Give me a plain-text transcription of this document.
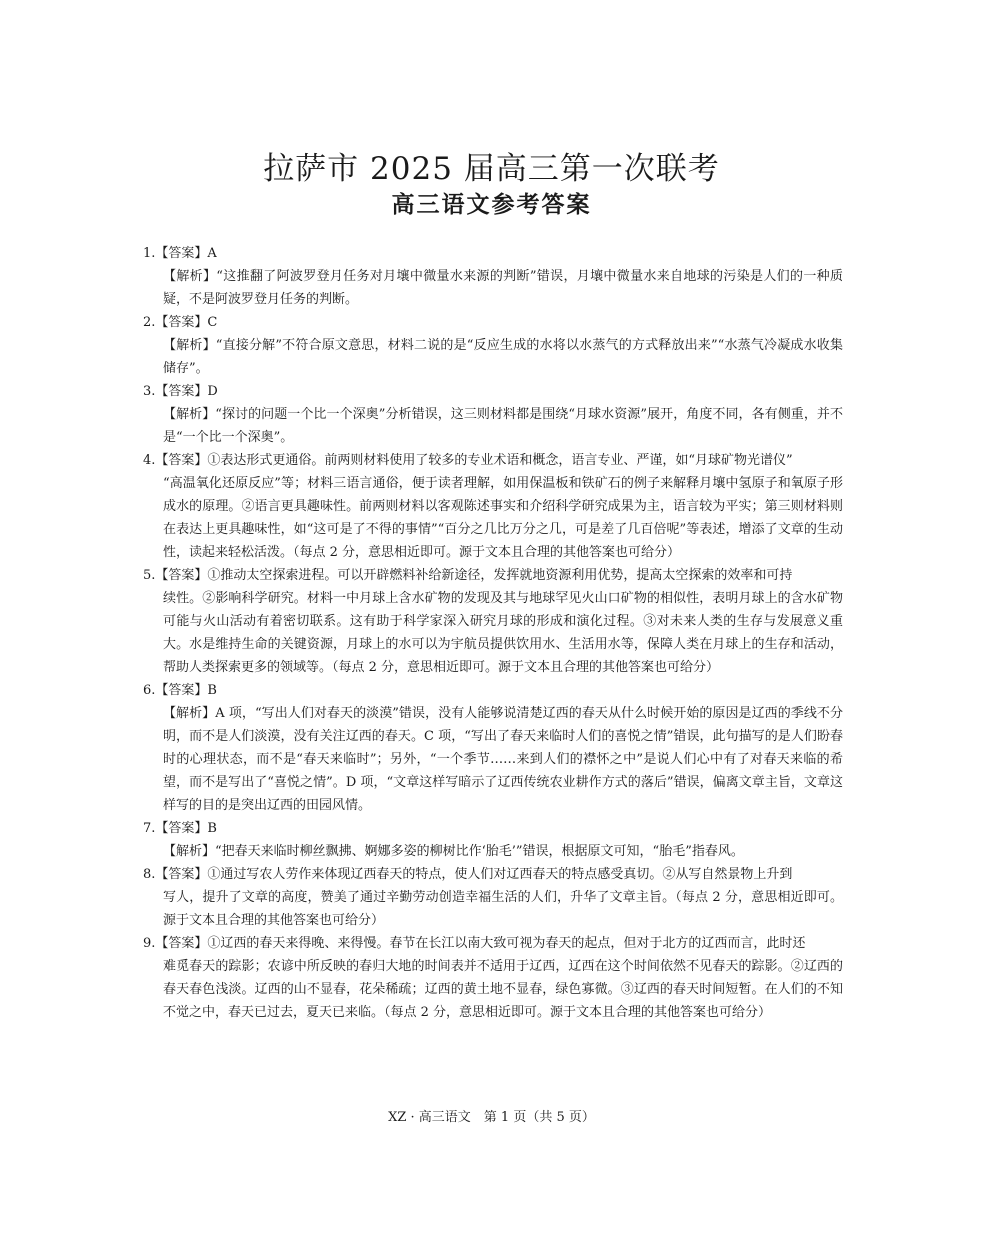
拉萨市 2025 届高三第一次联考
高三语文参考答案
1.【答案】A
【解析】“这推翻了阿波罗登月任务对月壤中微量水来源的判断”错误，月壤中微量水来自地球的污染是人们的一种质疑，不是阿波罗登月任务的判断。
2.【答案】C
【解析】“直接分解”不符合原文意思，材料二说的是“反应生成的水将以水蒸气的方式释放出来”“水蒸气冷凝成水收集储存”。
3.【答案】D
【解析】“探讨的问题一个比一个深奥”分析错误，这三则材料都是围绕“月球水资源”展开，角度不同，各有侧重，并不是“一个比一个深奥”。
4.【答案】①表达形式更通俗。前两则材料使用了较多的专业术语和概念，语言专业、严谨，如“月球矿物光谱仪”
“高温氧化还原反应”等；材料三语言通俗，便于读者理解，如用保温板和铁矿石的例子来解释月壤中氢原子和氧原子形成水的原理。②语言更具趣味性。前两则材料以客观陈述事实和介绍科学研究成果为主，语言较为平实；第三则材料则在表达上更具趣味性，如“这可是了不得的事情”“百分之几比万分之几，可是差了几百倍呢”等表述，增添了文章的生动性，读起来轻松活泼。（每点 2 分，意思相近即可。源于文本且合理的其他答案也可给分）
5.【答案】①推动太空探索进程。可以开辟燃料补给新途径，发挥就地资源利用优势，提高太空探索的效率和可持
续性。②影响科学研究。材料一中月球上含水矿物的发现及其与地球罕见火山口矿物的相似性，表明月球上的含水矿物可能与火山活动有着密切联系。这有助于科学家深入研究月球的形成和演化过程。③对未来人类的生存与发展意义重大。水是维持生命的关键资源，月球上的水可以为宇航员提供饮用水、生活用水等，保障人类在月球上的生存和活动，帮助人类探索更多的领域等。（每点 2 分，意思相近即可。源于文本且合理的其他答案也可给分）
6.【答案】B
【解析】A 项，“写出人们对春天的淡漠”错误，没有人能够说清楚辽西的春天从什么时候开始的原因是辽西的季线不分明，而不是人们淡漠，没有关注辽西的春天。C 项，“写出了春天来临时人们的喜悦之情”错误，此句描写的是人们盼春时的心理状态，而不是“春天来临时”；另外，“一个季节……来到人们的襟怀之中”是说人们心中有了对春天来临的希望，而不是写出了“喜悦之情”。D 项，“文章这样写暗示了辽西传统农业耕作方式的落后”错误，偏离文章主旨，文章这样写的目的是突出辽西的田园风情。
7.【答案】B
【解析】“把春天来临时柳丝飘拂、婀娜多姿的柳树比作‘胎毛’”错误，根据原文可知，“胎毛”指春风。
8.【答案】①通过写农人劳作来体现辽西春天的特点，使人们对辽西春天的特点感受真切。②从写自然景物上升到
写人，提升了文章的高度，赞美了通过辛勤劳动创造幸福生活的人们，升华了文章主旨。（每点 2 分，意思相近即可。源于文本且合理的其他答案也可给分）
9.【答案】①辽西的春天来得晚、来得慢。春节在长江以南大致可视为春天的起点，但对于北方的辽西而言，此时还
难觅春天的踪影；农谚中所反映的春归大地的时间表并不适用于辽西，辽西在这个时间依然不见春天的踪影。②辽西的春天春色浅淡。辽西的山不显春，花朵稀疏；辽西的黄土地不显春，绿色寡微。③辽西的春天时间短暂。在人们的不知不觉之中，春天已过去，夏天已来临。（每点 2 分，意思相近即可。源于文本且合理的其他答案也可给分）
XZ · 高三语文　第 1 页（共 5 页）
